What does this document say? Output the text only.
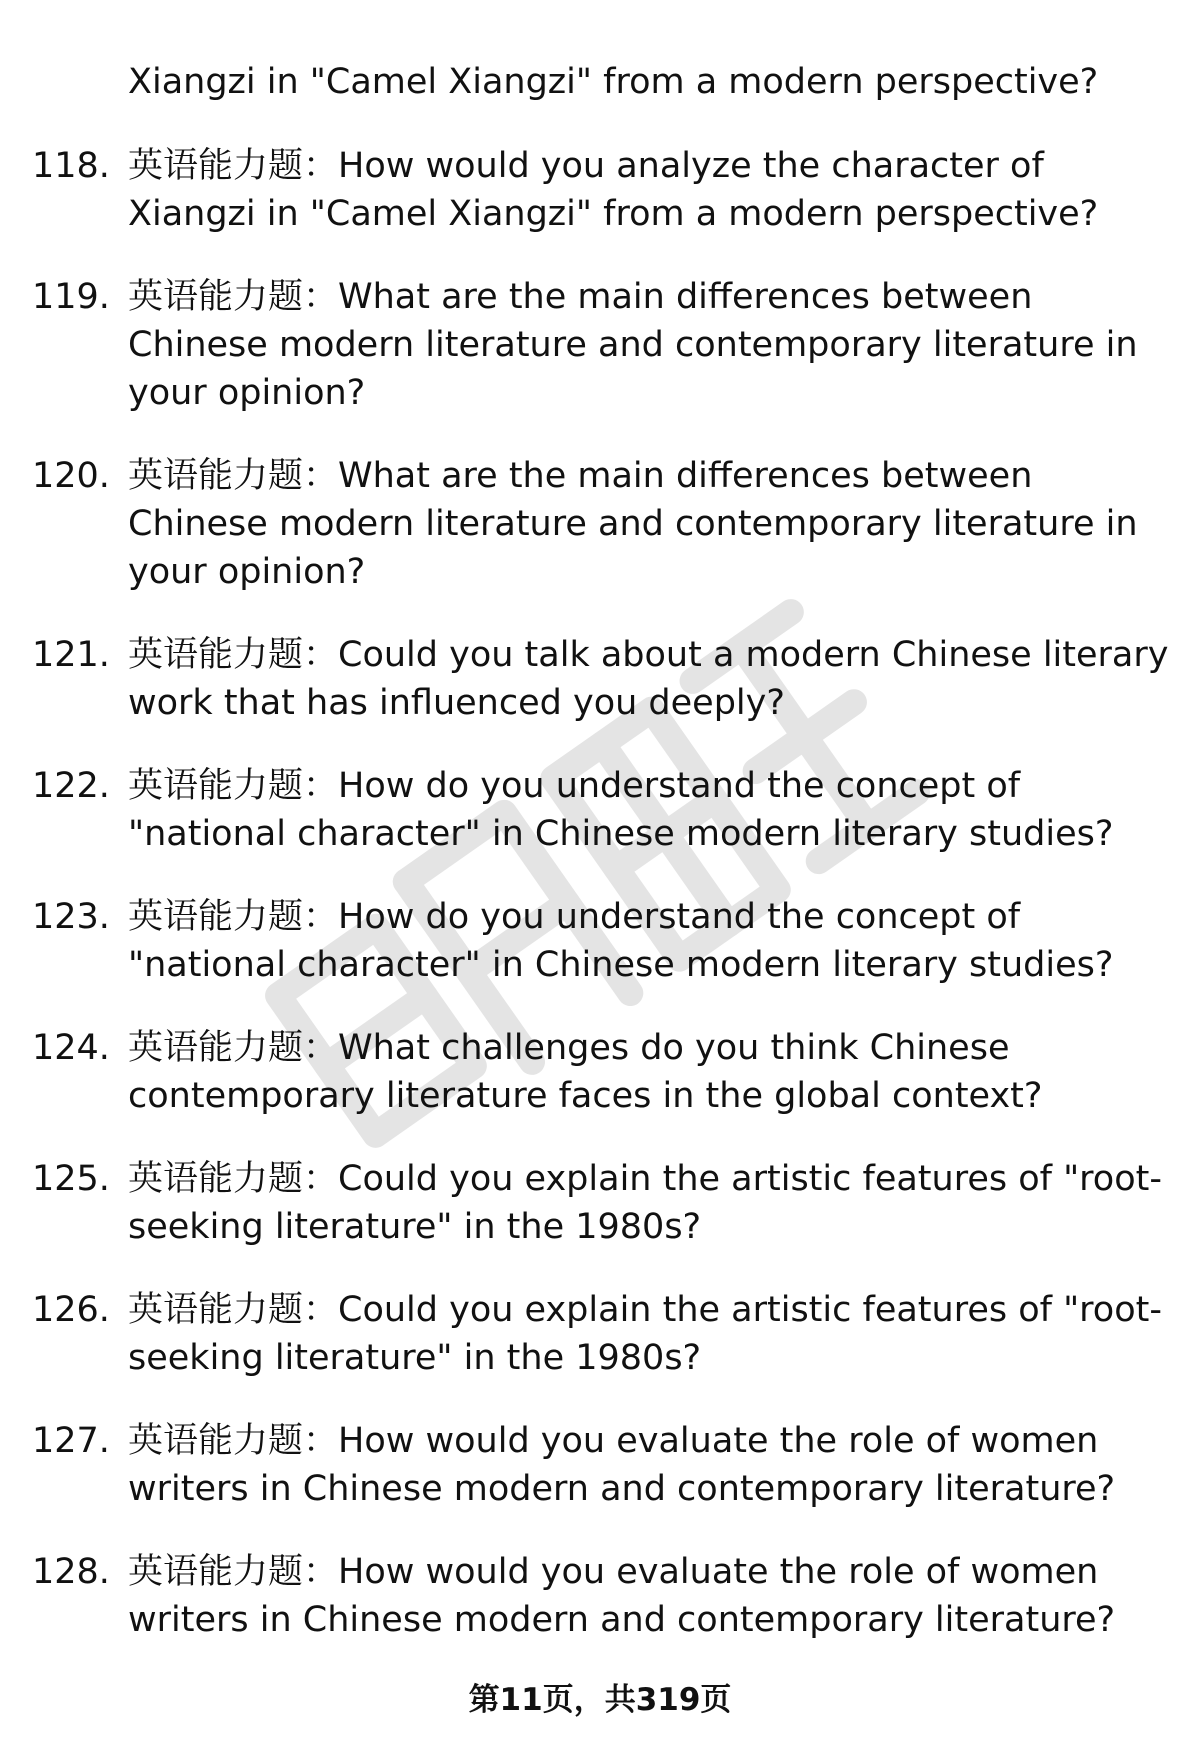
Xiangzi in "Camel Xiangzi" from a modern perspective?
118. 英语能力题：How would you analyze the character of Xiangzi in "Camel Xiangzi" from a modern perspective?
119. 英语能力题：What are the main differences between Chinese modern literature and contemporary literature in your opinion?
120. 英语能力题：What are the main differences between Chinese modern literature and contemporary literature in your opinion?
121. 英语能力题：Could you talk about a modern Chinese literary work that has influenced you deeply?
122. 英语能力题：How do you understand the concept of "national character" in Chinese modern literary studies?
123. 英语能力题：How do you understand the concept of "national character" in Chinese modern literary studies?
124. 英语能力题：What challenges do you think Chinese contemporary literature faces in the global context?
125. 英语能力题：Could you explain the artistic features of "root-seeking literature" in the 1980s?
126. 英语能力题：Could you explain the artistic features of "root-seeking literature" in the 1980s?
127. 英语能力题：How would you evaluate the role of women writers in Chinese modern and contemporary literature?
128. 英语能力题：How would you evaluate the role of women writers in Chinese modern and contemporary literature?
第11页，共319页
